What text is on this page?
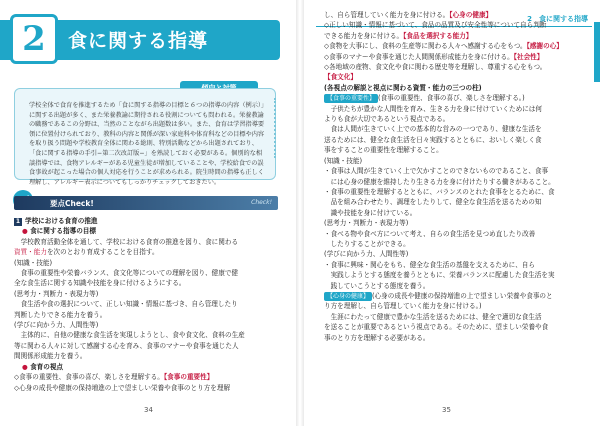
2	食に関する指導
学校全体で食育を推進するため「食に関する指導の目標と６つの指導の内容（例示）」に関する出題が多く、また栄養教諭に期待される役割についても問われる。栄養教諭の職務であるこの分野は、当然のことながら出題数は多い。また、食育は学習指導要領に位置付けられており、教科の内容と関係が深い家庭科や体育科などの目標や内容を取り扱う問題や学校教育全体に関わる総則、特別活動などから出題されており、「食に関する指導の手引−第二次改訂版−」を熟読しておく必要がある。個別的な相談指導では、食物アレルギーがある児童生徒が増加していることや、学校給食での誤食事故が起こった場合の個人対応を行うことが求められる。院生時間の指導も正しく理解し、アレルギー表示についてもしっかりチェックしておきたい。
要点Check!	Check!
1 学校における食育の推進
● 食に関する指導の目標
　学校教育活動全体を通して、学校における食育の推進を図り、食に関わる
資質・能力を次のとおり育成することを目指す。
(知識・技能)
　食事の重要性や栄養バランス、食文化等についての理解を図り、健康で健
全な食生活に関する知識や技能を身に付けるようにする。
(思考力・判断力・表現力等)
　食生活や食の選択について、正しい知識・情報に基づき、自ら管理したり
判断したりできる能力を養う。
(学びに向かう力、人間性等)
　主体的に、自他の健康な食生活を実現しようとし、食や食文化、食料の生産
等に関わる人々に対して感謝する心を育み、食事のマナーや食事を通じた人
間関係形成能力を養う。
● 食育の視点
◇食事の重要性、食事の喜び、楽しさを理解する。【食事の重要性】
◇心身の成長や健康の保持増進の上で望ましい栄養や食事のとり方を理解
34
2　食に関する指導
し、自ら管理していく能力を身に付ける。【心身の健康】
◇正しい知識・情報に基づいて、食品の品質及び安全性等について自ら判断
できる能力を身に付ける。【食品を選択する能力】
◇食物を大事にし、食料の生産等に関わる人々へ感謝する心をもつ。【感謝の心】
◇食事のマナーや食事を通じた人間関係形成能力を身に付ける。【社会性】
◇各地域の産物、食文化や食に関わる歴史等を理解し、尊重する心をもつ。
【食文化】
(各視点の解説と視点に関わる資質・能力の三つの柱)
【食事の重要性】 (食事の重要性、食事の喜び、楽しさを理解する。)
　子供たちが豊かな人間性を育み、生きる力を身に付けていくためには何
よりも食が大切であるという視点である。
　食は人間が生きていく上での基本的な営みの一つであり、健康な生活を
送るためには、健全な食生活を日々実践するとともに、おいしく楽しく食
事をすることの重要性を理解すること。
(知識・技能)
・食事は人間が生きていく上で欠かすことのできないものであること、食事
　には心身の健康を維持したり生きる力を身に付けたりする働きがあること。
・食事の重要性を理解するとともに、バランスのとれた食事をとるために、食
　品を組み合わせたり、調理をしたりして、健全な食生活を送るための知
　識や技能を身に付けている。
(思考力・判断力・表現力等)
・食べる物や食べ方について考え、自らの食生活を見つめ直したり改善
　したりすることができる。
(学びに向かう力、人間性等)
・食事に興味・関心をもち、健全な食生活の基盤を支えるために、自ら
　実践しようとする態度を養うとともに、栄養バランスに配慮した食生活を実
　践していこうとする態度を養う。
【心身の健康】 (心身の成長や健康の保持増進の上で望ましい栄養や食事のと
り方を理解し、自ら管理していく能力を身に付ける。)
　生涯にわたって健康で豊かな生活を送るためには、健全で適切な食生活
を送ることが重要であるという視点である。そのために、望ましい栄養や食
事のとり方を理解する必要がある。
35
